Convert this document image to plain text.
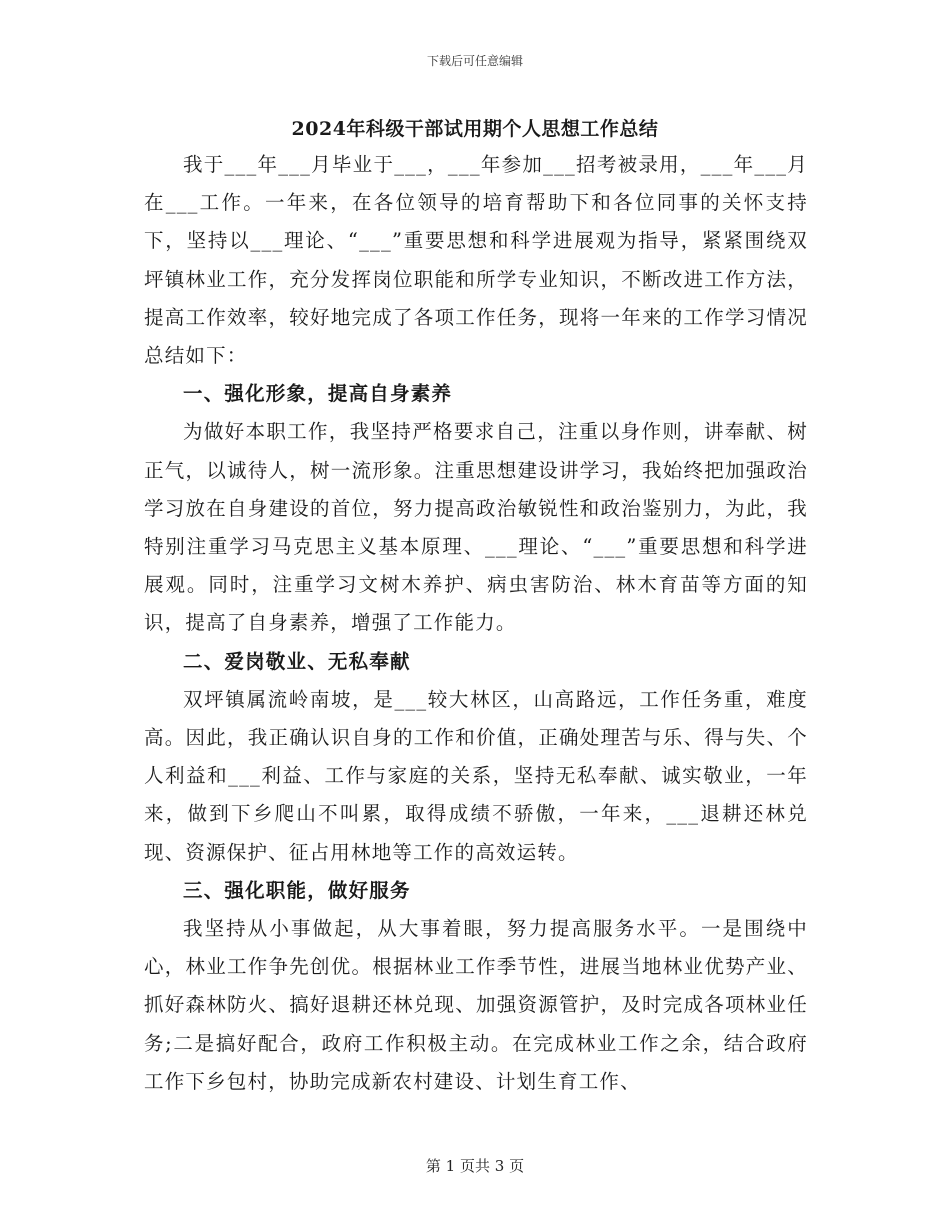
下载后可任意编辑
2024年科级干部试用期个人思想工作总结

我于___年___月毕业于___，___年参加___招考被录用，___年___月在___工作。一年来，在各位领导的培育帮助下和各位同事的关怀支持下，坚持以___理论、“___”重要思想和科学进展观为指导，紧紧围绕双坪镇林业工作，充分发挥岗位职能和所学专业知识，不断改进工作方法，提高工作效率，较好地完成了各项工作任务，现将一年来的工作学习情况总结如下：

一、强化形象，提高自身素养

为做好本职工作，我坚持严格要求自己，注重以身作则，讲奉献、树正气，以诚待人，树一流形象。注重思想建设讲学习，我始终把加强政治学习放在自身建设的首位，努力提高政治敏锐性和政治鉴别力，为此，我特别注重学习马克思主义基本原理、___理论、“___”重要思想和科学进展观。同时，注重学习文树木养护、病虫害防治、林木育苗等方面的知识，提高了自身素养，增强了工作能力。

二、爱岗敬业、无私奉献

双坪镇属流岭南坡，是___较大林区，山高路远，工作任务重，难度高。因此，我正确认识自身的工作和价值，正确处理苦与乐、得与失、个人利益和___利益、工作与家庭的关系，坚持无私奉献、诚实敬业，一年来，做到下乡爬山不叫累，取得成绩不骄傲，一年来，___退耕还林兑现、资源保护、征占用林地等工作的高效运转。

三、强化职能，做好服务

我坚持从小事做起，从大事着眼，努力提高服务水平。一是围绕中心，林业工作争先创优。根据林业工作季节性，进展当地林业优势产业、抓好森林防火、搞好退耕还林兑现、加强资源管护，及时完成各项林业任务;二是搞好配合，政府工作积极主动。在完成林业工作之余，结合政府工作下乡包村，协助完成新农村建设、计划生育工作、

第 1 页共 3 页
